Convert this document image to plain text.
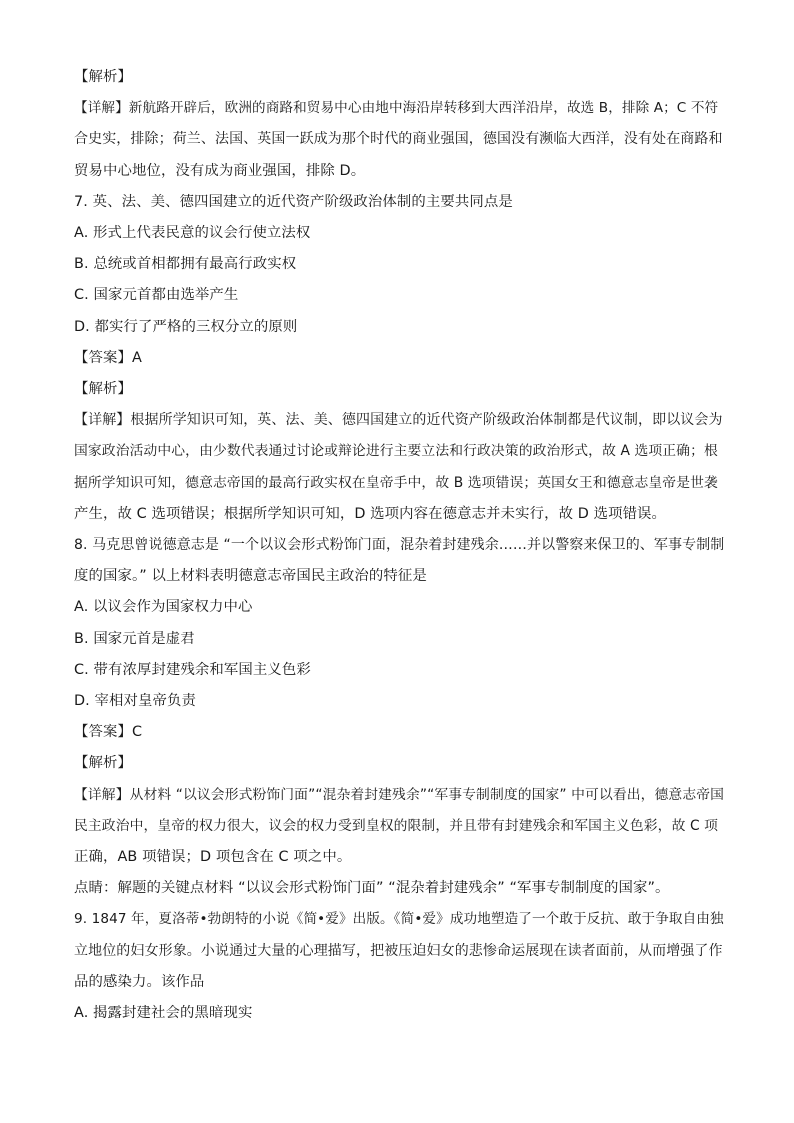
【解析】
【详解】新航路开辟后，欧洲的商路和贸易中心由地中海沿岸转移到大西洋沿岸，故选 B，排除 A；C 不符
合史实，排除；荷兰、法国、英国一跃成为那个时代的商业强国，德国没有濒临大西洋，没有处在商路和
贸易中心地位，没有成为商业强国，排除 D。
7. 英、法、美、德四国建立的近代资产阶级政治体制的主要共同点是
A. 形式上代表民意的议会行使立法权
B. 总统或首相都拥有最高行政实权
C. 国家元首都由选举产生
D. 都实行了严格的三权分立的原则
【答案】A
【解析】
【详解】根据所学知识可知，英、法、美、德四国建立的近代资产阶级政治体制都是代议制，即以议会为
国家政治活动中心，由少数代表通过讨论或辩论进行主要立法和行政决策的政治形式，故 A 选项正确；根
据所学知识可知，德意志帝国的最高行政实权在皇帝手中，故 B 选项错误；英国女王和德意志皇帝是世袭
产生，故 C 选项错误；根据所学知识可知，D 选项内容在德意志并未实行，故 D 选项错误。
8. 马克思曾说德意志是 “一个以议会形式粉饰门面，混杂着封建残余……并以警察来保卫的、军事专制制
度的国家。” 以上材料表明德意志帝国民主政治的特征是
A. 以议会作为国家权力中心
B. 国家元首是虚君
C. 带有浓厚封建残余和军国主义色彩
D. 宰相对皇帝负责
【答案】C
【解析】
【详解】从材料 “以议会形式粉饰门面”“混杂着封建残余”“军事专制制度的国家” 中可以看出，德意志帝国
民主政治中，皇帝的权力很大，议会的权力受到皇权的限制，并且带有封建残余和军国主义色彩，故 C 项
正确，AB 项错误；D 项包含在 C 项之中。
点睛：解题的关键点材料 “以议会形式粉饰门面” “混杂着封建残余” “军事专制制度的国家”。
9. 1847 年，夏洛蒂•勃朗特的小说《简•爱》出版。《简•爱》成功地塑造了一个敢于反抗、敢于争取自由独
立地位的妇女形象。小说通过大量的心理描写，把被压迫妇女的悲惨命运展现在读者面前，从而增强了作
品的感染力。该作品
A. 揭露封建社会的黑暗现实
